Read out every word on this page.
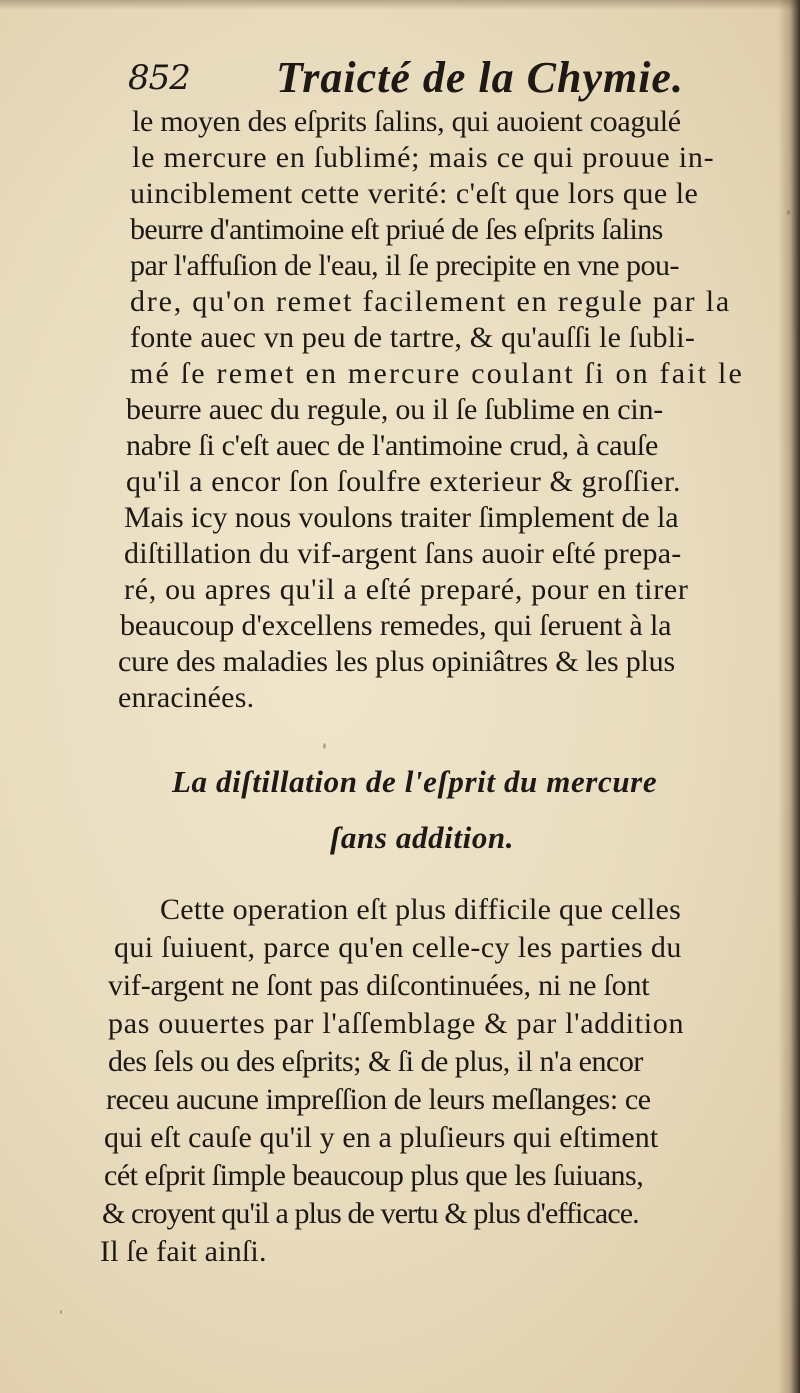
852 Traicté de la Chymie.
le moyen des eſprits ſalins, qui auoient coagulé
le mercure en ſublimé; mais ce qui prouue in-
uinciblement cette verité: c'eſt que lors que le
beurre d'antimoine eſt priué de ſes eſprits ſalins
par l'affuſion de l'eau, il ſe precipite en vne pou-
dre, qu'on remet facilement en regule par la
fonte auec vn peu de tartre, & qu'auſſi le ſubli-
mé ſe remet en mercure coulant ſi on fait le
beurre auec du regule, ou il ſe ſublime en cin-
nabre ſi c'eſt auec de l'antimoine crud, à cauſe
qu'il a encor ſon ſoulfre exterieur & groſſier.
Mais icy nous voulons traiter ſimplement de la
diſtillation du vif-argent ſans auoir eſté prepa-
ré, ou apres qu'il a eſté preparé, pour en tirer
beaucoup d'excellens remedes, qui ſeruent à la
cure des maladies les plus opiniâtres & les plus
enracinées.
La diſtillation de l'eſprit du mercure
ſans addition.
Cette operation eſt plus difficile que celles
qui ſuiuent, parce qu'en celle-cy les parties du
vif-argent ne ſont pas diſcontinuées, ni ne ſont
pas ouuertes par l'aſſemblage & par l'addition
des ſels ou des eſprits; & ſi de plus, il n'a encor
receu aucune impreſſion de leurs meſlanges: ce
qui eſt cauſe qu'il y en a pluſieurs qui eſtiment
cét eſprit ſimple beaucoup plus que les ſuiuans,
& croyent qu'il a plus de vertu & plus d'efficace.
Il ſe fait ainſi.
